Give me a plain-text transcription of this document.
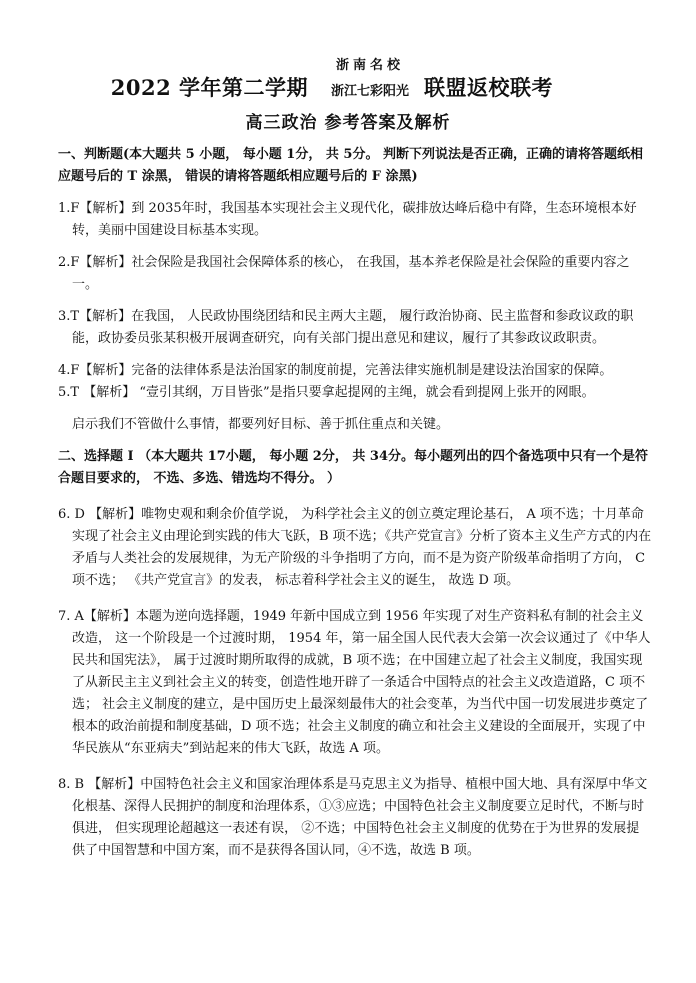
2022 学年第二学期
浙南名校
浙江七彩阳光 联盟返校联考
高三政治 参考答案及解析

一、判断题(本大题共 5 小题， 每小题 1分， 共 5分。 判断下列说法是否正确，正确的请将答题纸相应题号后的 T 涂黑， 错误的请将答题纸相应题号后的 F 涂黑)

1.F【解析】到 2035年时，我国基本实现社会主义现代化，碳排放达峰后稳中有降，生态环境根本好转，美丽中国建设目标基本实现。

2.F【解析】社会保险是我国社会保障体系的核心， 在我国，基本养老保险是社会保险的重要内容之一。

3.T【解析】在我国， 人民政协围绕团结和民主两大主题， 履行政治协商、民主监督和参政议政的职能，政协委员张某积极开展调查研究，向有关部门提出意见和建议，履行了其参政议政职责。

4.F【解析】完备的法律体系是法治国家的制度前提，完善法律实施机制是建设法治国家的保障。

5.T 【解析】 “壹引其纲，万目皆张”是指只要拿起提网的主绳，就会看到提网上张开的网眼。

启示我们不管做什么事情，都要列好目标、善于抓住重点和关键。

二、选择题 Ⅰ （本大题共 17小题， 每小题 2分， 共 34分。每小题列出的四个备选项中只有一个是符合题目要求的， 不选、多选、错选均不得分。 ）

6. D 【解析】唯物史观和剩余价值学说， 为科学社会主义的创立奠定理论基石， A 项不选；十月革命实现了社会主义由理论到实践的伟大飞跃，B 项不选；《共产党宣言》分析了资本主义生产方式的内在矛盾与人类社会的发展规律，为无产阶级的斗争指明了方向，而不是为资产阶级革命指明了方向， C项不选； 《共产党宣言》的发表， 标志着科学社会主义的诞生， 故选 D 项。

7. A【解析】本题为逆向选择题，1949 年新中国成立到 1956 年实现了对生产资料私有制的社会主义改造， 这一个阶段是一个过渡时期， 1954 年，第一届全国人民代表大会第一次会议通过了《中华人民共和国宪法》， 属于过渡时期所取得的成就，B 项不选；在中国建立起了社会主义制度，我国实现了从新民主主义到社会主义的转变，创造性地开辟了一条适合中国特点的社会主义改造道路，C 项不选； 社会主义制度的建立，是中国历史上最深刻最伟大的社会变革，为当代中国一切发展进步奠定了根本的政治前提和制度基础，D 项不选；社会主义制度的确立和社会主义建设的全面展开，实现了中华民族从“东亚病夫”到站起来的伟大飞跃，故选 A 项。

8. B 【解析】中国特色社会主义和国家治理体系是马克思主义为指导、植根中国大地、具有深厚中华文化根基、深得人民拥护的制度和治理体系，①③应选；中国特色社会主义制度要立足时代，不断与时俱进， 但实现理论超越这一表述有误， ②不选；中国特色社会主义制度的优势在于为世界的发展提供了中国智慧和中国方案，而不是获得各国认同，④不选，故选 B 项。
